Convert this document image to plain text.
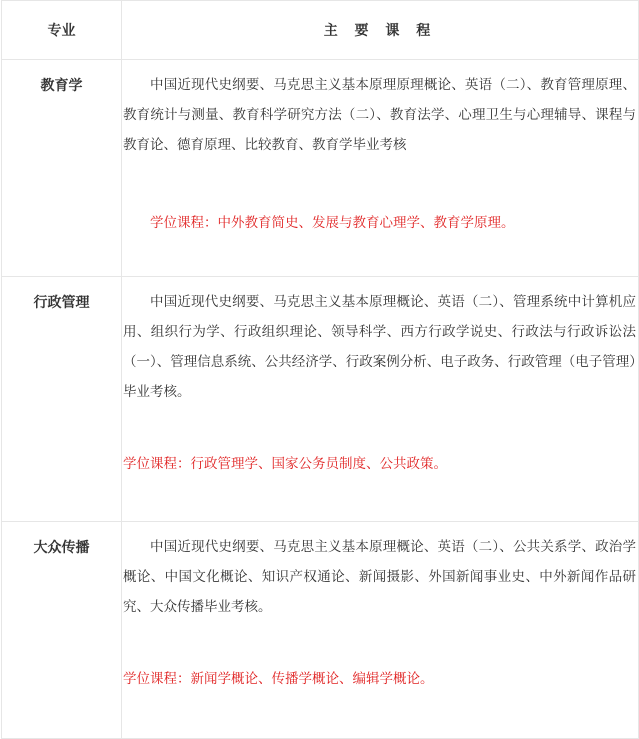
专业	主 要 课 程
教育学	中国近现代史纲要、马克思主义基本原理原理概论、英语（二）、教育管理原理、教育统计与测量、教育科学研究方法（二）、教育法学、心理卫生与心理辅导、课程与教育论、德育原理、比较教育、教育学毕业考核

学位课程：中外教育简史、发展与教育心理学、教育学原理。

行政管理	中国近现代史纲要、马克思主义基本原理概论、英语（二）、管理系统中计算机应用、组织行为学、行政组织理论、领导科学、西方行政学说史、行政法与行政诉讼法（一）、管理信息系统、公共经济学、行政案例分析、电子政务、行政管理（电子管理）毕业考核。

学位课程：行政管理学、国家公务员制度、公共政策。

大众传播	中国近现代史纲要、马克思主义基本原理概论、英语（二）、公共关系学、政治学概论、中国文化概论、知识产权通论、新闻摄影、外国新闻事业史、中外新闻作品研究、大众传播毕业考核。

学位课程：新闻学概论、传播学概论、编辑学概论。
